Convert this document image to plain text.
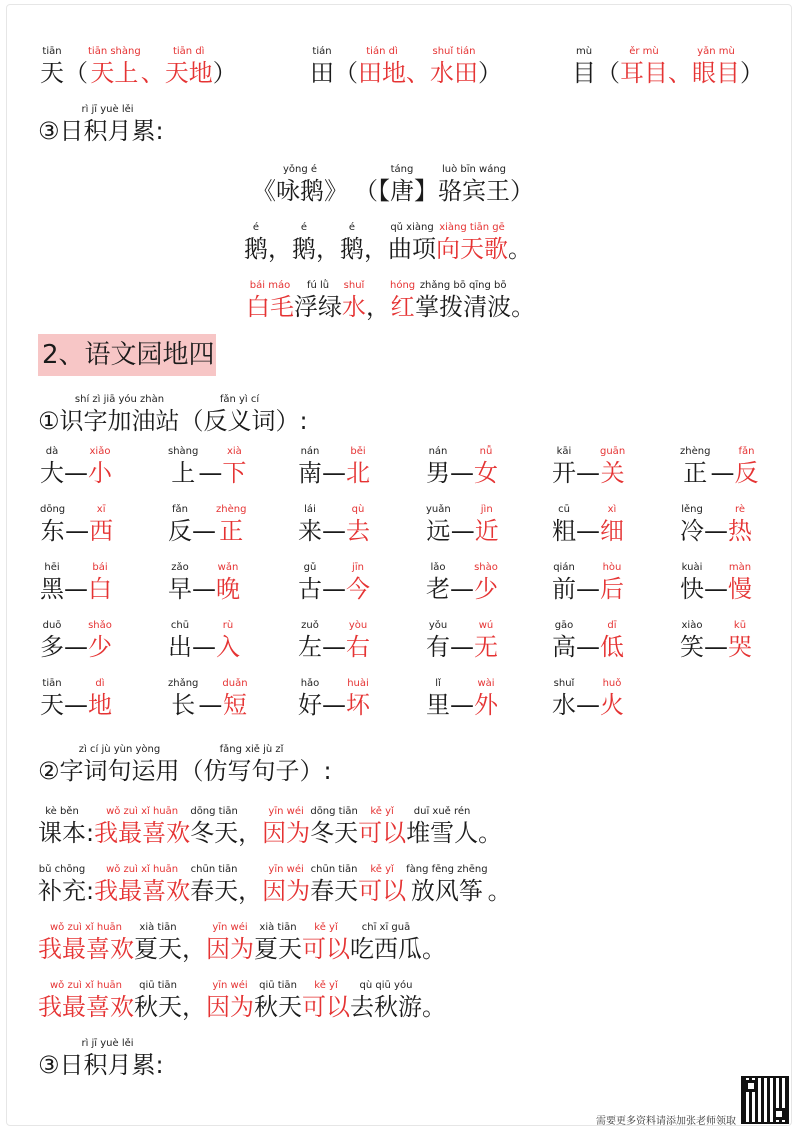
tiān
天 （
tiān shàng
天上 、
tiān dì
天地 ）
tián
田 （
tián dì
田地 、
shuǐ tián
水田 ）
mù
目 （
ěr mù
耳目 、
yǎn mù
眼目 ）
③
rì jī yuè lěi
日积月累 :
《
yǒng é
咏鹅 》 （【
táng
唐 】
luò bīn wáng
骆宾王 ）
é
鹅 ，
é
鹅 ，
é
鹅 ，
qǔ xiàng
曲项
xiàng tiān gē
向天歌 。
bái máo
白毛
fú lǜ
浮绿
shuǐ
水 ，
hóng
红
zhǎng bō qīng bō
掌拨清波 。
2、语文园地四
①
shí zì jiā yóu zhàn
识字加油站 （
fǎn yì cí
反义词 ） :
dà
大 —
xiǎo
小
shàng
上 —
xià
下
nán
南 —
běi
北
nán
男 —
nǚ
女
kāi
开 —
guān
关
zhèng
正 —
fǎn
反
dōng
东 —
xī
西
fǎn
反 —
zhèng
正
lái
来 —
qù
去
yuǎn
远 —
jìn
近
cū
粗 —
xì
细
lěng
冷 —
rè
热
hēi
黑 —
bái
白
zǎo
早 —
wǎn
晚
gǔ
古 —
jīn
今
lǎo
老 —
shào
少
qián
前 —
hòu
后
kuài
快 —
màn
慢
duō
多 —
shǎo
少
chū
出 —
rù
入
zuǒ
左 —
yòu
右
yǒu
有 —
wú
无
gāo
高 —
dī
低
xiào
笑 —
kū
哭
tiān
天 —
dì
地
zhǎng
长 —
duǎn
短
hǎo
好 —
huài
坏
lǐ
里 —
wài
外
shuǐ
水 —
huǒ
火
②
zì cí jù yùn yòng
字词句运用 （
fǎng xiě jù zǐ
仿写句子 ） :
kè běn
课本 :
wǒ zuì xǐ huān
我最喜欢
dōng tiān
冬天 ，
yīn wéi
因为
dōng tiān
冬天
kě yǐ
可以
duī xuě rén
堆雪人 。
bǔ chōng
补充 :
wǒ zuì xǐ huān
我最喜欢
chūn tiān
春天 ，
yīn wéi
因为
chūn tiān
春天
kě yǐ
可以
fàng fēng zhēng
放风筝 。
wǒ zuì xǐ huān
我最喜欢
xià tiān
夏天 ，
yīn wéi
因为
xià tiān
夏天
kě yǐ
可以
chī xī guā
吃西瓜 。
wǒ zuì xǐ huān
我最喜欢
qiū tiān
秋天 ，
yīn wéi
因为
qiū tiān
秋天
kě yǐ
可以
qù qiū yóu
去秋游 。
③
rì jī yuè lěi
日积月累 :
需要更多资料请添加张老师领取
